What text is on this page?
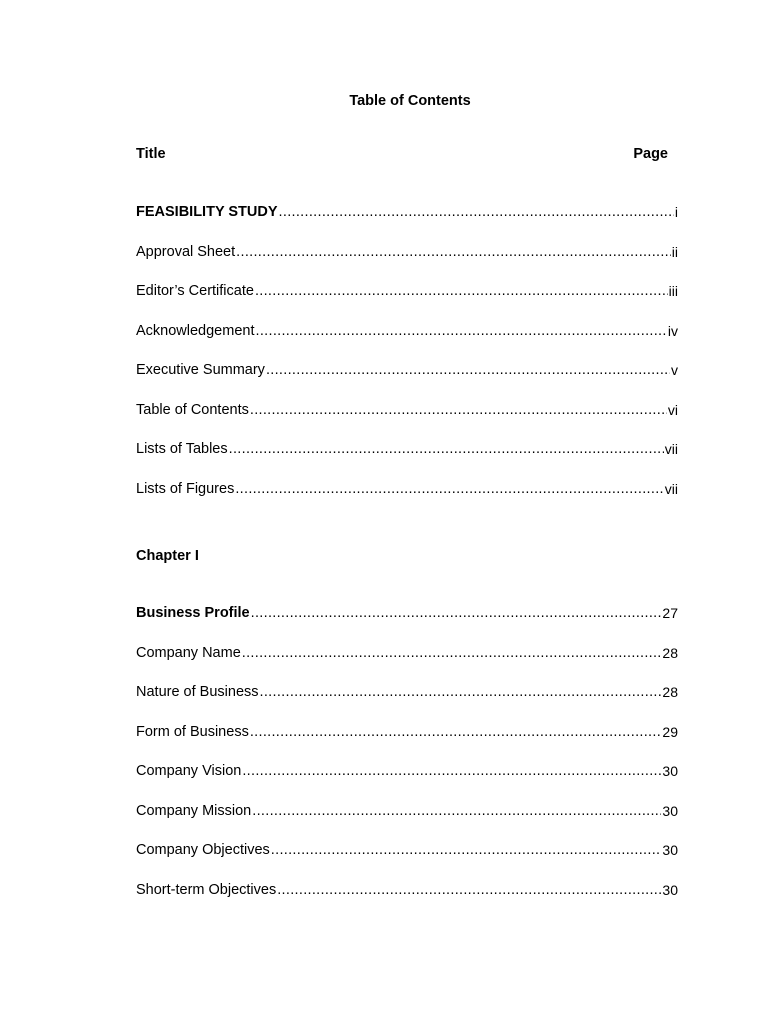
Table of Contents
Title	Page
FEASIBILITY STUDY .....	i
Approval Sheet .....	ii
Editor’s Certificate .....	iii
Acknowledgement .....	iv
Executive Summary .....	v
Table of Contents .....	vi
Lists of Tables .....	vii
Lists of Figures .....	vii
Chapter I
Business Profile .....	27
Company Name .....	28
Nature of Business .....	28
Form of Business .....	29
Company Vision .....	30
Company Mission .....	30
Company Objectives .....	30
Short-term Objectives .....	30
